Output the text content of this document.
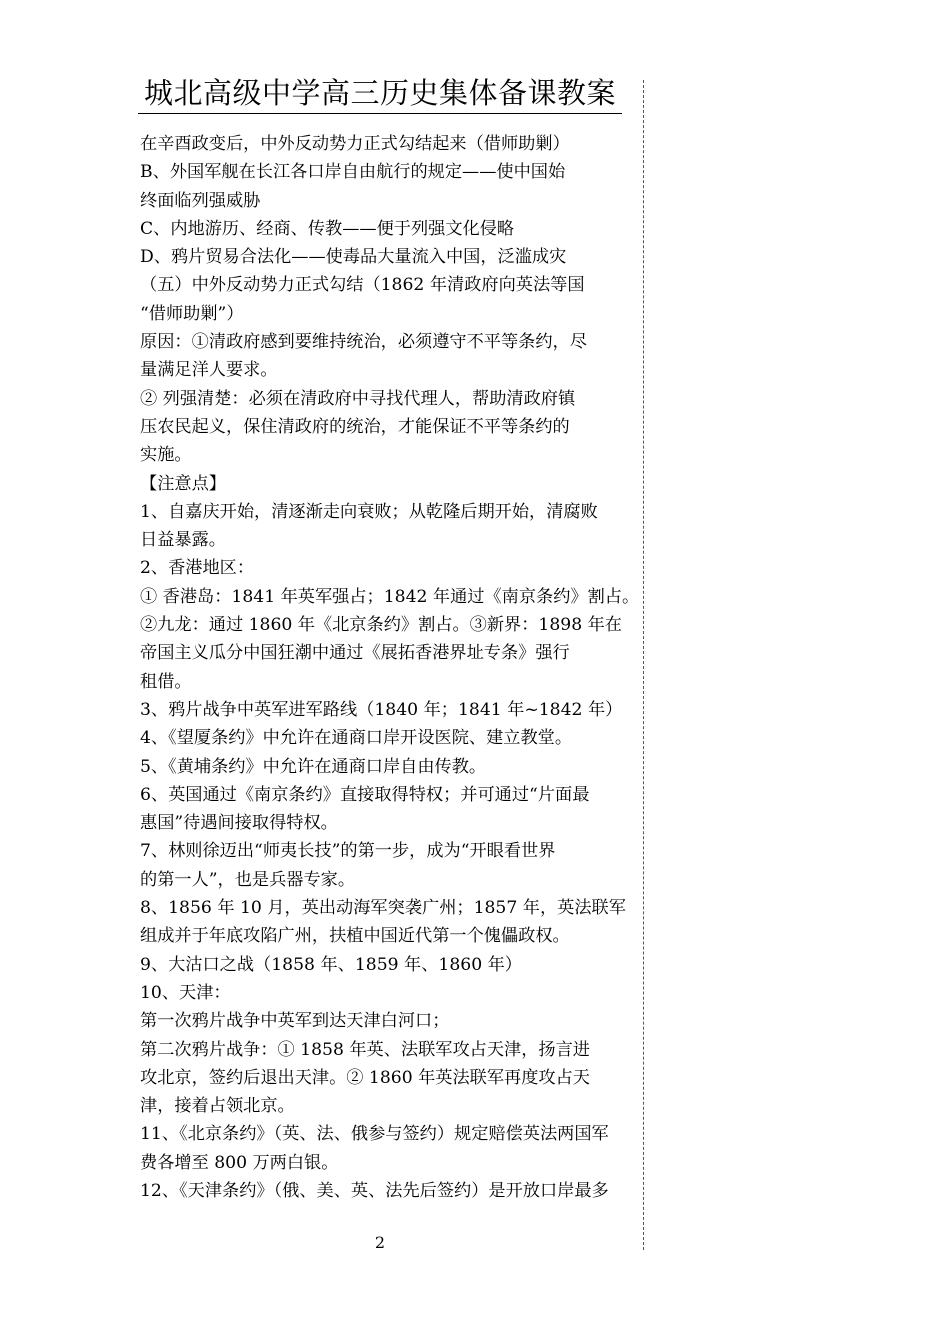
城北高级中学高三历史集体备课教案
在辛酉政变后，中外反动势力正式勾结起来（借师助剿）
B、外国军舰在长江各口岸自由航行的规定——使中国始
终面临列强威胁
C、内地游历、经商、传教——便于列强文化侵略
D、鸦片贸易合法化——使毒品大量流入中国，泛滥成灾
（五）中外反动势力正式勾结（1862 年清政府向英法等国
“借师助剿”）
原因：①清政府感到要维持统治，必须遵守不平等条约，尽
量满足洋人要求。
② 列强清楚：必须在清政府中寻找代理人，帮助清政府镇
压农民起义，保住清政府的统治，才能保证不平等条约的
实施。
【注意点】
1、自嘉庆开始，清逐渐走向衰败；从乾隆后期开始，清腐败
日益暴露。
2、香港地区：
① 香港岛：1841 年英军强占；1842 年通过《南京条约》割占。
②九龙：通过 1860 年《北京条约》割占。③新界：1898 年在
帝国主义瓜分中国狂潮中通过《展拓香港界址专条》强行
租借。
3、鸦片战争中英军进军路线（1840 年；1841 年~1842 年）
4、《望厦条约》中允许在通商口岸开设医院、建立教堂。
5、《黄埔条约》中允许在通商口岸自由传教。
6、英国通过《南京条约》直接取得特权；并可通过“片面最
惠国”待遇间接取得特权。
7、林则徐迈出“师夷长技”的第一步，成为“开眼看世界
的第一人”，也是兵器专家。
8、1856 年 10 月，英出动海军突袭广州；1857 年，英法联军
组成并于年底攻陷广州，扶植中国近代第一个傀儡政权。
9、大沽口之战（1858 年、1859 年、1860 年）
10、天津：
第一次鸦片战争中英军到达天津白河口；
第二次鸦片战争：① 1858 年英、法联军攻占天津，扬言进
攻北京，签约后退出天津。② 1860 年英法联军再度攻占天
津，接着占领北京。
11、《北京条约》（英、法、俄参与签约）规定赔偿英法两国军
费各增至 800 万两白银。
12、《天津条约》（俄、美、英、法先后签约）是开放口岸最多
2
